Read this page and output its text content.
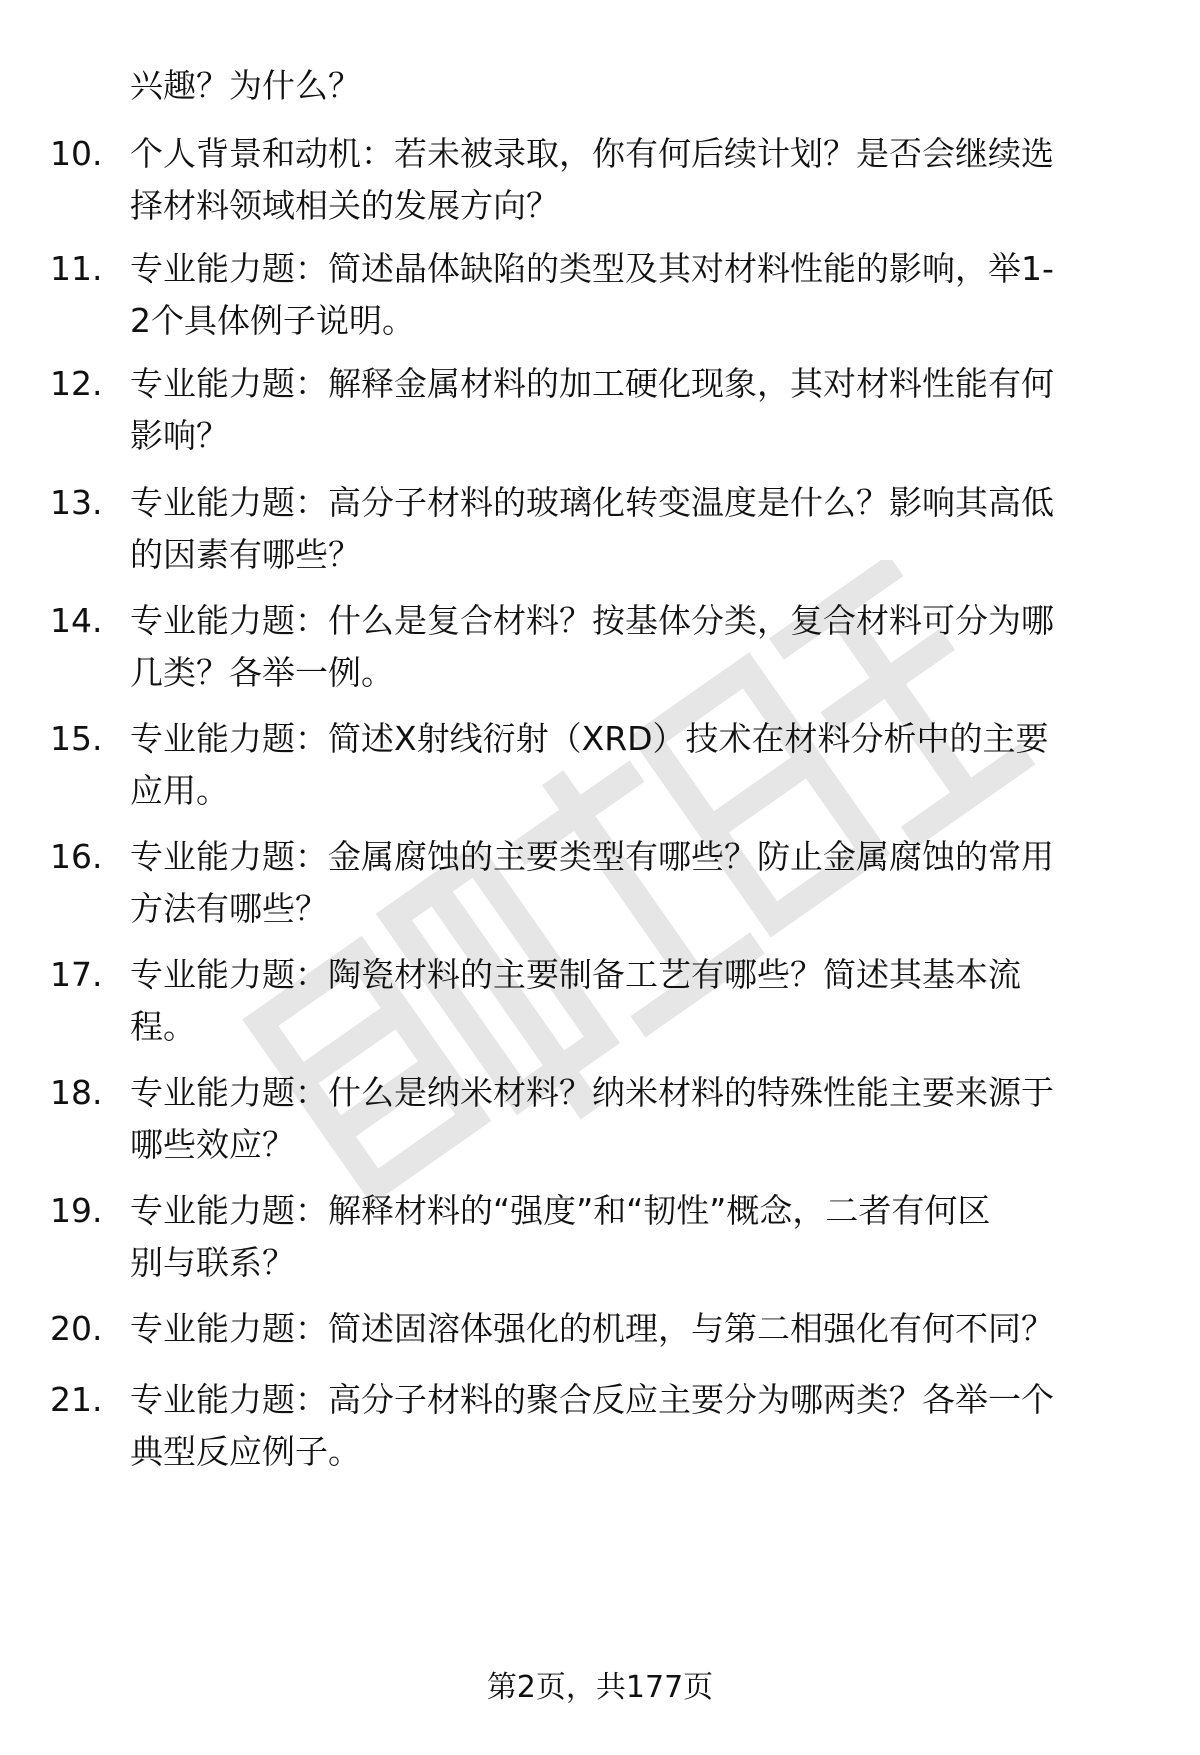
兴趣？为什么？
10. 个人背景和动机：若未被录取，你有何后续计划？是否会继续选
择材料领域相关的发展方向？
11. 专业能力题：简述晶体缺陷的类型及其对材料性能的影响，举1-
2个具体例子说明。
12. 专业能力题：解释金属材料的加工硬化现象，其对材料性能有何
影响？
13. 专业能力题：高分子材料的玻璃化转变温度是什么？影响其高低
的因素有哪些？
14. 专业能力题：什么是复合材料？按基体分类，复合材料可分为哪
几类？各举一例。
15. 专业能力题：简述X射线衍射（XRD）技术在材料分析中的主要
应用。
16. 专业能力题：金属腐蚀的主要类型有哪些？防止金属腐蚀的常用
方法有哪些？
17. 专业能力题：陶瓷材料的主要制备工艺有哪些？简述其基本流
程。
18. 专业能力题：什么是纳米材料？纳米材料的特殊性能主要来源于
哪些效应？
19. 专业能力题：解释材料的“强度”和“韧性”概念，二者有何区
别与联系？
20. 专业能力题：简述固溶体强化的机理，与第二相强化有何不同？
21. 专业能力题：高分子材料的聚合反应主要分为哪两类？各举一个
典型反应例子。
第2页，共177页
